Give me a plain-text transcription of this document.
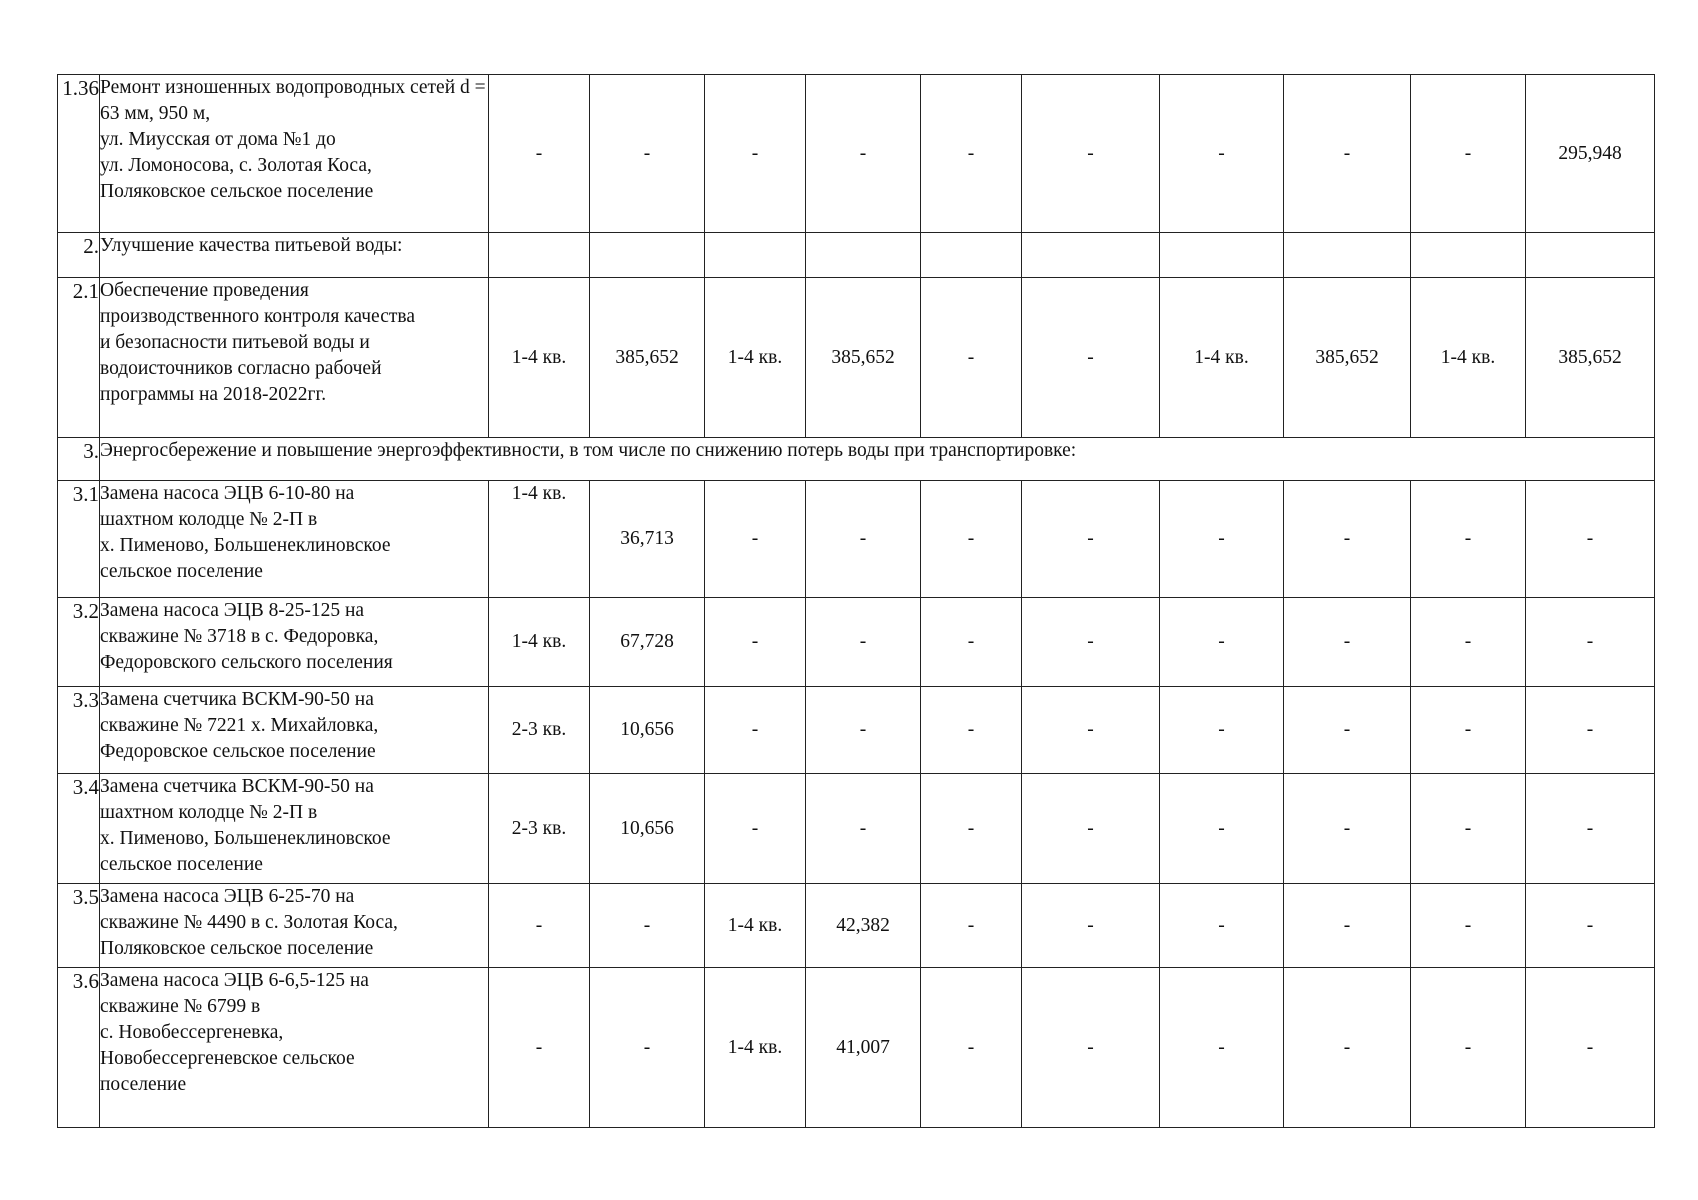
1.36	Ремонт изношенных водопроводных сетей d = 63 мм, 950 м,
ул. Миусская от дома №1 до
ул. Ломоносова, с. Золотая Коса,
Поляковское сельское поселение	-	-	-	-	-	-	-	-	-	295,948
2.	Улучшение качества питьевой воды:										
2.1	Обеспечение проведения
производственного контроля качества
и безопасности питьевой воды и
водоисточников согласно рабочей
программы на 2018-2022гг.	1-4 кв.	385,652	1-4 кв.	385,652	-	-	1-4 кв.	385,652	1-4 кв.	385,652
3.	Энергосбережение и повышение энергоэффективности, в том числе по снижению потерь воды при транспортировке:										
3.1	Замена насоса ЭЦВ 6-10-80 на
шахтном колодце № 2-П в
х. Пименово, Большенеклиновское
сельское поселение	1-4 кв.	36,713	-	-	-	-	-	-	-	-
3.2	Замена насоса ЭЦВ 8-25-125 на
скважине № 3718 в с. Федоровка,
Федоровского сельского поселения	1-4 кв.	67,728	-	-	-	-	-	-	-	-
3.3	Замена счетчика ВСКМ-90-50 на
скважине № 7221 х. Михайловка,
Федоровское сельское поселение	2-3 кв.	10,656	-	-	-	-	-	-	-	-
3.4	Замена счетчика ВСКМ-90-50 на
шахтном колодце № 2-П в
х. Пименово, Большенеклиновское
сельское поселение	2-3 кв.	10,656	-	-	-	-	-	-	-	-
3.5	Замена насоса ЭЦВ 6-25-70 на
скважине № 4490 в с. Золотая Коса,
Поляковское сельское поселение	-	-	1-4 кв.	42,382	-	-	-	-	-	-
3.6	Замена насоса ЭЦВ 6-6,5-125 на
скважине № 6799 в
с. Новобессергеневка,
Новобессергеневское сельское
поселение	-	-	1-4 кв.	41,007	-	-	-	-	-	-
